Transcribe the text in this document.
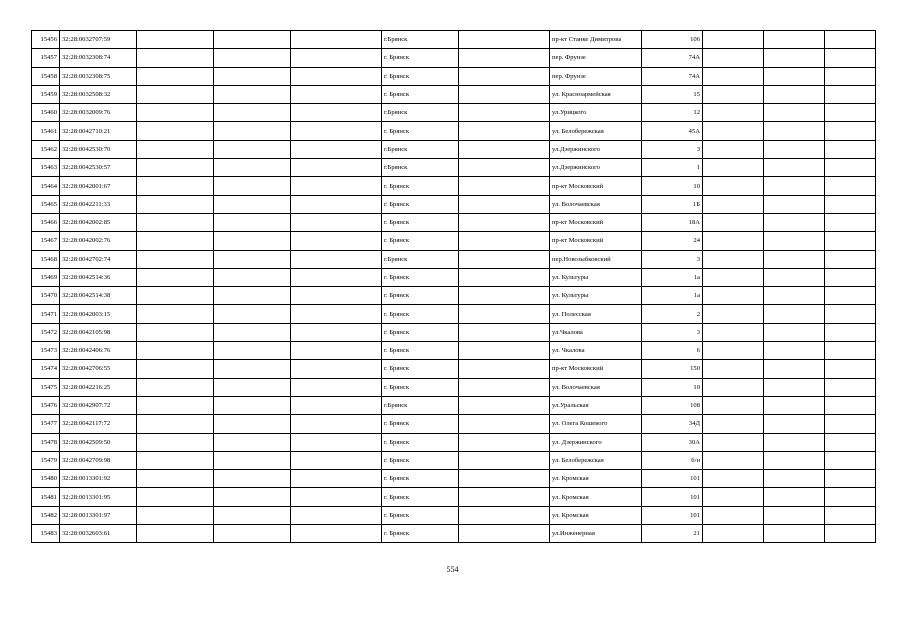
15456	32:28:0032707:59				г.Брянск		пр-кт Станке Димитрова	106			
15457	32:28:0032308:74				г. Брянск		пер. Фрунзе	74А			
15458	32:28:0032308:75				г. Брянск		пер. Фрунзе	74А			
15459	32:28:0032508:32				г. Брянск		ул. Красноармейская	15			
15460	32:28:0032009:76				г.Брянск		ул.Урицкого	12			
15461	32:28:0042710:21				г. Брянск		ул. Белобережская	45А			
15462	32:28:0042530:70				г.Брянск		ул.Дзержинского	3			
15463	32:28:0042530:57				г.Брянск		ул.Дзержинского	1			
15464	32:28:0042001:67				г. Брянск		пр-кт Московский	10			
15465	32:28:0042211:33				г. Брянск		ул. Волочаевская	1Б			
15466	32:28:0042002:85				г. Брянск		пр-кт Московский	18А			
15467	32:28:0042002:76				г. Брянск		пр-кт Московский	24			
15468	32:28:0042702:74				г.Брянск		пер.Новозыбковский	3			
15469	32:28:0042514:36				г. Брянск		ул. Культуры	1а			
15470	32:28:0042514:38				г. Брянск		ул. Культуры	1а			
15471	32:28:0042003:15				г. Брянск		ул. Полесская	2			
15472	32:28:0042105:98				г. Брянск		ул.Чкалова	3			
15473	32:28:0042406:76				г. Брянск		ул. Чкалова	6			
15474	32:28:0042706:55				г. Брянск		пр-кт Московский	150			
15475	32:28:0042216:25				г. Брянск		ул. Волочаевская	10			
15476	32:28:0042907:72				г.Брянск		ул.Уральская	108			
15477	32:28:0042117:72				г. Брянск		ул. Олега Кошевого	34Д			
15478	32:28:0042509:50				г. Брянск		ул. Дзержинского	30А			
15479	32:28:0042709:98				г. Брянск		ул. Белобережская	б/н			
15480	32:28:0013301:92				г. Брянск		ул. Кромская	101			
15481	32:28:0013301:95				г. Брянск		ул. Кромская	101			
15482	32:28:0013301:97				г. Брянск		ул. Кромская	101			
15483	32:28:0032603:61				г. Брянск		ул.Инженерная	21			
554
